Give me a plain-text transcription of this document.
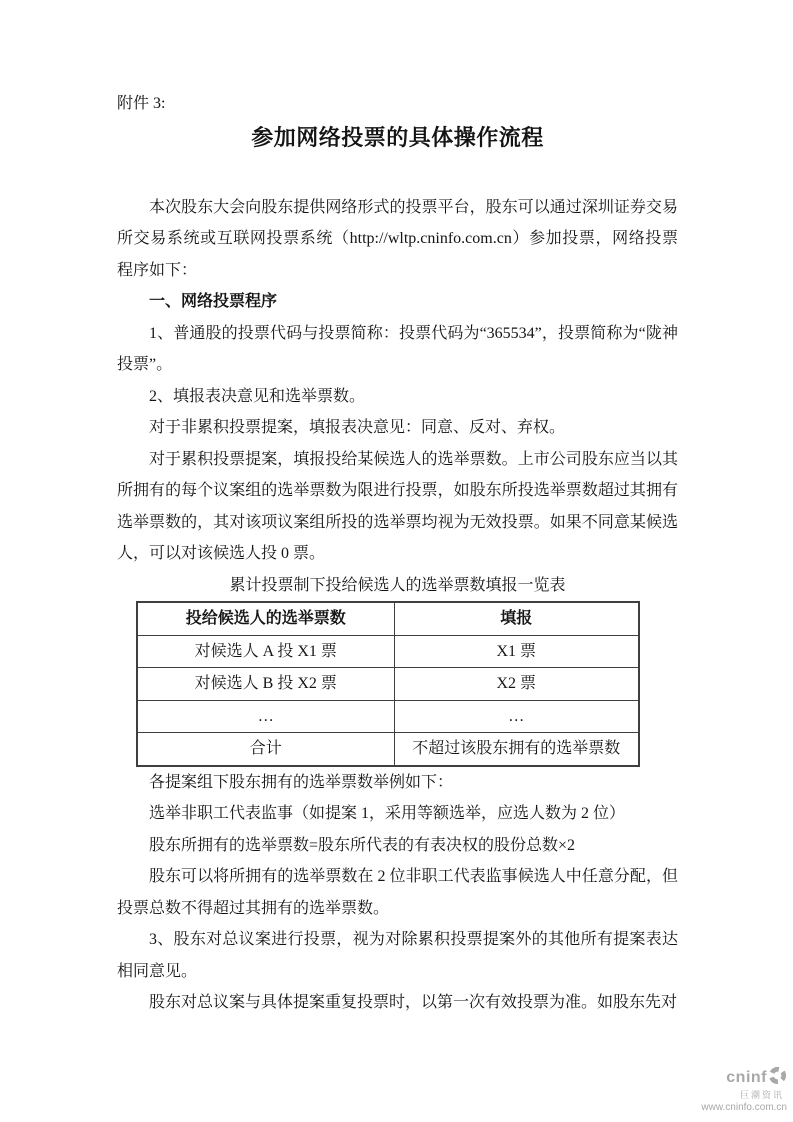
附件 3:

参加网络投票的具体操作流程

本次股东大会向股东提供网络形式的投票平台，股东可以通过深圳证券交易所交易系统或互联网投票系统（http://wltp.cninfo.com.cn）参加投票，网络投票程序如下：

一、网络投票程序

1、普通股的投票代码与投票简称：投票代码为“365534”，投票简称为“陇神投票”。

2、填报表决意见和选举票数。

对于非累积投票提案，填报表决意见：同意、反对、弃权。

对于累积投票提案，填报投给某候选人的选举票数。上市公司股东应当以其所拥有的每个议案组的选举票数为限进行投票，如股东所投选举票数超过其拥有选举票数的，其对该项议案组所投的选举票均视为无效投票。如果不同意某候选人，可以对该候选人投 0 票。

累计投票制下投给候选人的选举票数填报一览表
投给候选人的选举票数	填报
对候选人 A 投 X1 票	X1 票
对候选人 B 投 X2 票	X2 票
…	…
合计	不超过该股东拥有的选举票数

各提案组下股东拥有的选举票数举例如下：

选举非职工代表监事（如提案 1，采用等额选举，应选人数为 2 位）

股东所拥有的选举票数=股东所代表的有表决权的股份总数×2

股东可以将所拥有的选举票数在 2 位非职工代表监事候选人中任意分配，但投票总数不得超过其拥有的选举票数。

3、股东对总议案进行投票，视为对除累积投票提案外的其他所有提案表达相同意见。

股东对总议案与具体提案重复投票时，以第一次有效投票为准。如股东先对

cninf
巨潮资讯
www.cninfo.com.cn
